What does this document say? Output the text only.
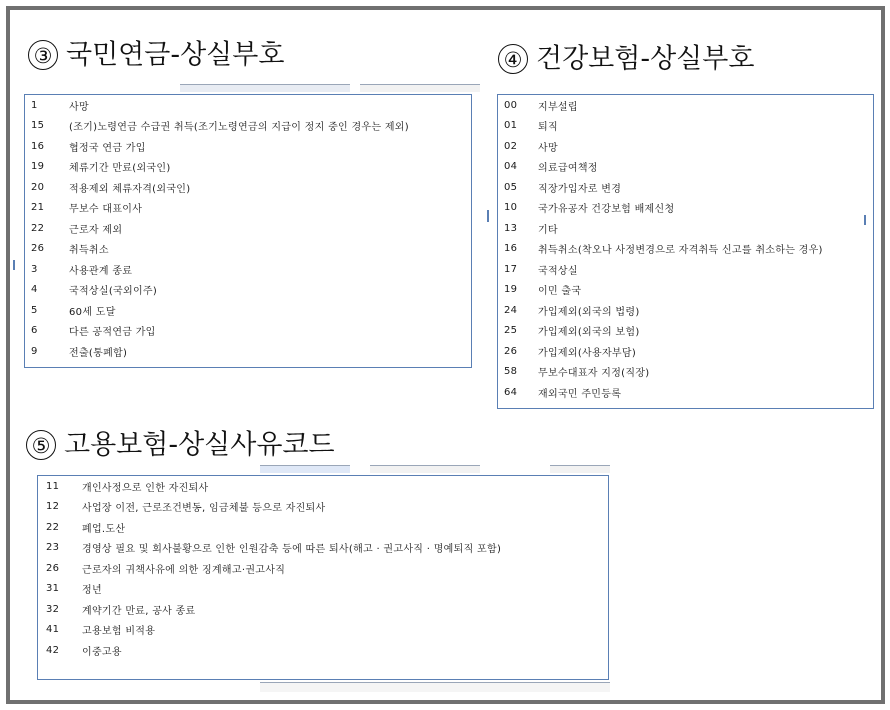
③ 국민연금-상실부호	④ 건강보험-상실부호
⑤ 고용보험-상실사유코드
1	사망
15	(조기)노령연금 수급권 취득(조기노령연금의 지급이 정지 중인 경우는 제외)
16	협정국 연금 가입
19	체류기간 만료(외국인)
20	적용제외 체류자격(외국인)
21	무보수 대표이사
22	근로자 제외
26	취득취소
3	사용관계 종료
4	국적상실(국외이주)
5	60세 도달
6	다른 공적연금 가입
9	전출(통폐합)
00	지부설립
01	퇴직
02	사망
04	의료급여책정
05	직장가입자로 변경
10	국가유공자 건강보험 배제신청
13	기타
16	취득취소(착오나 사정변경으로 자격취득 신고를 취소하는 경우)
17	국적상실
19	이민 출국
24	가입제외(외국의 법령)
25	가입제외(외국의 보험)
26	가입제외(사용자부담)
58	무보수대표자 지정(직장)
64	재외국민 주민등록
11	개인사정으로 인한 자진퇴사
12	사업장 이전, 근로조건변동, 임금체불 등으로 자진퇴사
22	폐업.도산
23	경영상 필요 및 회사불황으로 인한 인원감축 등에 따른 퇴사(해고 · 권고사직 · 명예퇴직 포함)
26	근로자의 귀책사유에 의한 징계해고·권고사직
31	정년
32	계약기간 만료, 공사 종료
41	고용보험 비적용
42	이중고용
